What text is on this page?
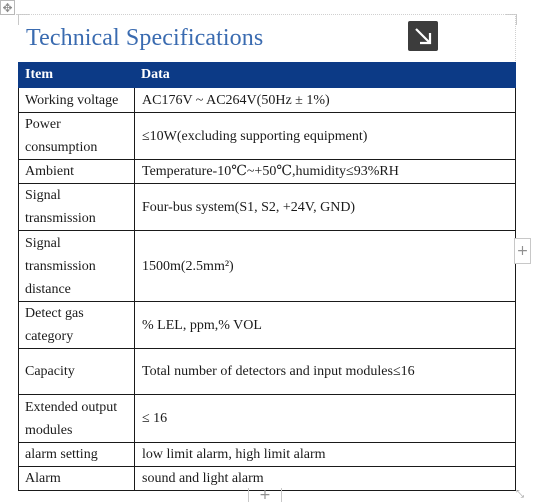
✥
Technical Specifications
Item	Data
Working voltage	AC176V ~ AC264V(50Hz ± 1%)
Power consumption	≤10W(excluding supporting equipment)
Ambient	Temperature-10℃~+50℃,humidity≤93%RH
Signal transmission	Four-bus system(S1, S2, +24V, GND)
Signal transmission distance	1500m(2.5mm²)
Detect gas category	% LEL, ppm,% VOL
Capacity	Total number of detectors and input modules≤16
Extended output modules	≤ 16
alarm setting	low limit alarm, high limit alarm
Alarm	sound and light alarm
+
+	⤡
